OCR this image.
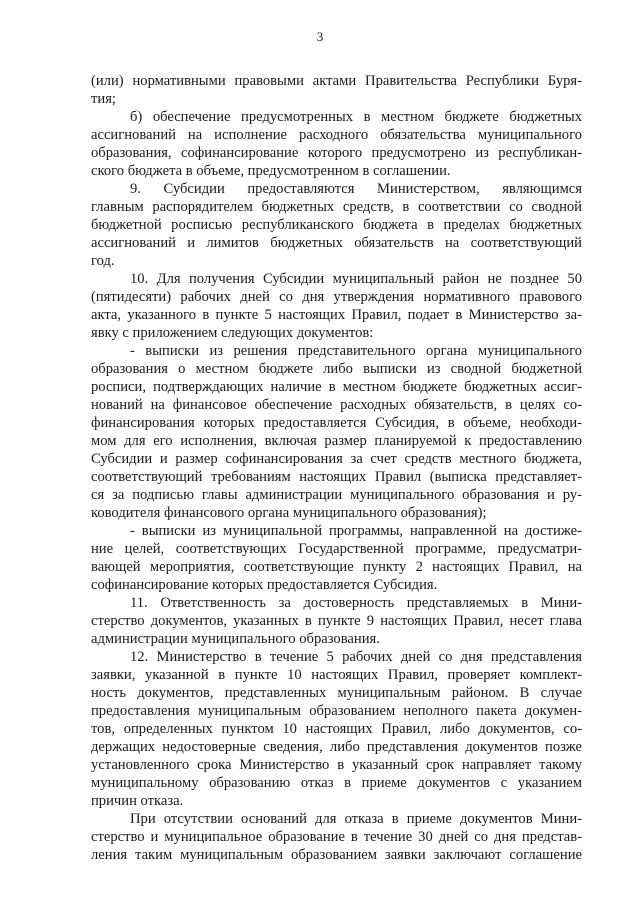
3
(или) нормативными правовыми актами Правительства Республики Буря-
тия;
б) обеспечение предусмотренных в местном бюджете бюджетных
ассигнований на исполнение расходного обязательства муниципального
образования, софинансирование которого предусмотрено из республикан-
ского бюджета в объеме, предусмотренном в соглашении.
9. Субсидии предоставляются Министерством, являющимся
главным распорядителем бюджетных средств, в соответствии со сводной
бюджетной росписью республиканского бюджета в пределах бюджетных
ассигнований и лимитов бюджетных обязательств на соответствующий
год.
10. Для получения Субсидии муниципальный район не позднее 50
(пятидесяти) рабочих дней со дня утверждения нормативного правового
акта, указанного в пункте 5 настоящих Правил, подает в Министерство за-
явку с приложением следующих документов:
- выписки из решения представительного органа муниципального
образования о местном бюджете либо выписки из сводной бюджетной
росписи, подтверждающих наличие в местном бюджете бюджетных ассиг-
нований на финансовое обеспечение расходных обязательств, в целях со-
финансирования которых предоставляется Субсидия, в объеме, необходи-
мом для его исполнения, включая размер планируемой к предоставлению
Субсидии и размер софинансирования за счет средств местного бюджета,
соответствующий требованиям настоящих Правил (выписка представляет-
ся за подписью главы администрации муниципального образования и ру-
ководителя финансового органа муниципального образования);
- выписки из муниципальной программы, направленной на достиже-
ние целей, соответствующих Государственной программе, предусматри-
вающей мероприятия, соответствующие пункту 2 настоящих Правил, на
софинансирование которых предоставляется Субсидия.
11. Ответственность за достоверность представляемых в Мини-
стерство документов, указанных в пункте 9 настоящих Правил, несет глава
администрации муниципального образования.
12. Министерство в течение 5 рабочих дней со дня представления
заявки, указанной в пункте 10 настоящих Правил, проверяет комплект-
ность документов, представленных муниципальным районом. В случае
предоставления муниципальным образованием неполного пакета докумен-
тов, определенных пунктом 10 настоящих Правил, либо документов, со-
держащих недостоверные сведения, либо представления документов позже
установленного срока Министерство в указанный срок направляет такому
муниципальному образованию отказ в приеме документов с указанием
причин отказа.
При отсутствии оснований для отказа в приеме документов Мини-
стерство и муниципальное образование в течение 30 дней со дня представ-
ления таким муниципальным образованием заявки заключают соглашение
